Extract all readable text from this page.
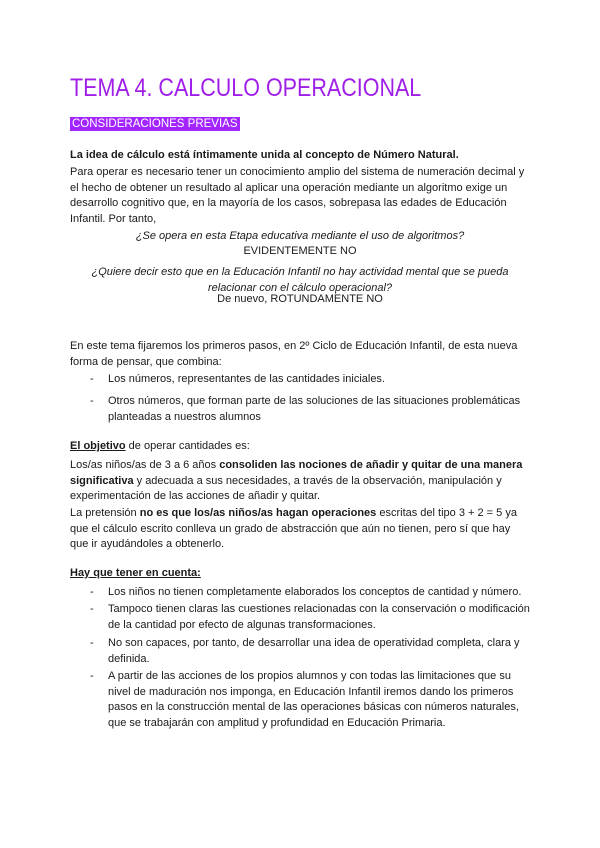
TEMA 4. CALCULO OPERACIONAL
CONSIDERACIONES PREVIAS

La idea de cálculo está íntimamente unida al concepto de Número Natural.

Para operar es necesario tener un conocimiento amplio del sistema de numeración decimal y el hecho de obtener un resultado al aplicar una operación mediante un algoritmo exige un desarrollo cognitivo que, en la mayoría de los casos, sobrepasa las edades de Educación Infantil. Por tanto,

¿Se opera en esta Etapa educativa mediante el uso de algoritmos?

EVIDENTEMENTE NO

¿Quiere decir esto que en la Educación Infantil no hay actividad mental que se pueda relacionar con el cálculo operacional?

De nuevo, ROTUNDAMENTE NO

En este tema fijaremos los primeros pasos, en 2º Ciclo de Educación Infantil, de esta nueva forma de pensar, que combina:

-	Los números, representantes de las cantidades iniciales.
-	Otros números, que forman parte de las soluciones de las situaciones problemáticas planteadas a nuestros alumnos

El objetivo de operar cantidades es:

Los/as niños/as de 3 a 6 años consoliden las nociones de añadir y quitar de una manera significativa y adecuada a sus necesidades, a través de la observación, manipulación y experimentación de las acciones de añadir y quitar.

La pretensión no es que los/as niños/as hagan operaciones escritas del tipo 3 + 2 = 5 ya que el cálculo escrito conlleva un grado de abstracción que aún no tienen, pero sí que hay que ir ayudándoles a obtenerlo.

Hay que tener en cuenta:

-	Los niños no tienen completamente elaborados los conceptos de cantidad y número.
-	Tampoco tienen claras las cuestiones relacionadas con la conservación o modificación de la cantidad por efecto de algunas transformaciones.
-	No son capaces, por tanto, de desarrollar una idea de operatividad completa, clara y definida.
-	A partir de las acciones de los propios alumnos y con todas las limitaciones que su nivel de maduración nos imponga, en Educación Infantil iremos dando los primeros pasos en la construcción mental de las operaciones básicas con números naturales, que se trabajarán con amplitud y profundidad en Educación Primaria.
